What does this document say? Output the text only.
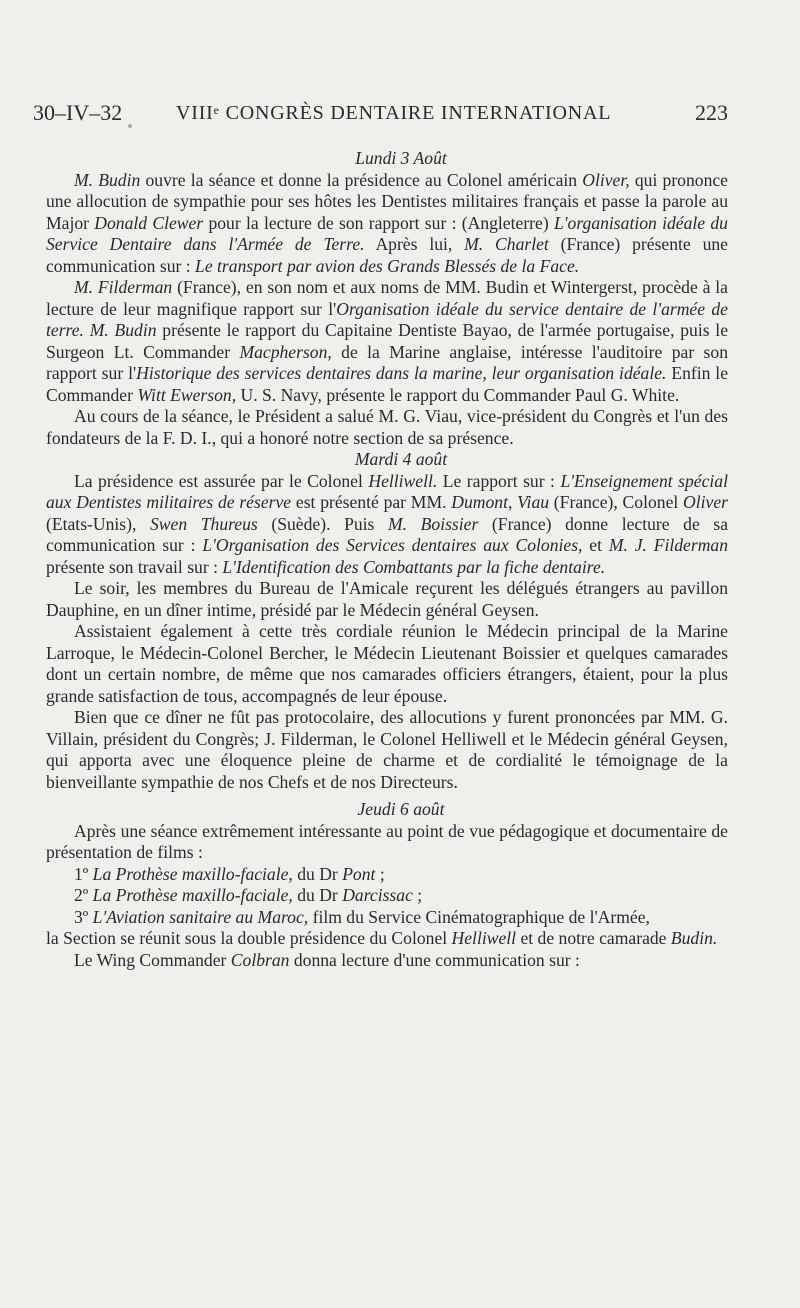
30–IV–32	VIIIe CONGRÈS DENTAIRE INTERNATIONAL	223

Lundi 3 Août

M. Budin ouvre la séance et donne la présidence au Colonel américain Oliver, qui prononce une allocution de sympathie pour ses hôtes les Dentistes militaires français et passe la parole au Major Donald Clewer pour la lecture de son rapport sur : (Angleterre) L'organisation idéale du Service Dentaire dans l'Armée de Terre. Après lui, M. Charlet (France) présente une communication sur : Le transport par avion des Grands Blessés de la Face.

M. Filderman (France), en son nom et aux noms de MM. Budin et Wintergerst, procède à la lecture de leur magnifique rapport sur l'Organisation idéale du service dentaire de l'armée de terre. M. Budin présente le rapport du Capitaine Dentiste Bayao, de l'armée portugaise, puis le Surgeon Lt. Commander Macpherson, de la Marine anglaise, intéresse l'auditoire par son rapport sur l'Historique des services dentaires dans la marine, leur organisation idéale. Enfin le Commander Witt Ewerson, U. S. Navy, présente le rapport du Commander Paul G. White.

Au cours de la séance, le Président a salué M. G. Viau, vice-président du Congrès et l'un des fondateurs de la F. D. I., qui a honoré notre section de sa présence.

Mardi 4 août

La présidence est assurée par le Colonel Helliwell. Le rapport sur : L'Enseignement spécial aux Dentistes militaires de réserve est présenté par MM. Dumont, Viau (France), Colonel Oliver (Etats-Unis), Swen Thureus (Suède). Puis M. Boissier (France) donne lecture de sa communication sur : L'Organisation des Services dentaires aux Colonies, et M. J. Filderman présente son travail sur : L'Identification des Combattants par la fiche dentaire.

Le soir, les membres du Bureau de l'Amicale reçurent les délégués étrangers au pavillon Dauphine, en un dîner intime, présidé par le Médecin général Geysen.

Assistaient également à cette très cordiale réunion le Médecin principal de la Marine Larroque, le Médecin-Colonel Bercher, le Médecin Lieutenant Boissier et quelques camarades dont un certain nombre, de même que nos camarades officiers étrangers, étaient, pour la plus grande satisfaction de tous, accompagnés de leur épouse.

Bien que ce dîner ne fût pas protocolaire, des allocutions y furent prononcées par MM. G. Villain, président du Congrès; J. Filderman, le Colonel Helliwell et le Médecin général Geysen, qui apporta avec une éloquence pleine de charme et de cordialité le témoignage de la bienveillante sympathie de nos Chefs et de nos Directeurs.

Jeudi 6 août

Après une séance extrêmement intéressante au point de vue pédagogique et documentaire de présentation de films :

1º La Prothèse maxillo-faciale, du Dr Pont ;

2º La Prothèse maxillo-faciale, du Dr Darcissac ;

3º L'Aviation sanitaire au Maroc, film du Service Cinématographique de l'Armée,

la Section se réunit sous la double présidence du Colonel Helliwell et de notre camarade Budin.

Le Wing Commander Colbran donna lecture d'une communication sur :
